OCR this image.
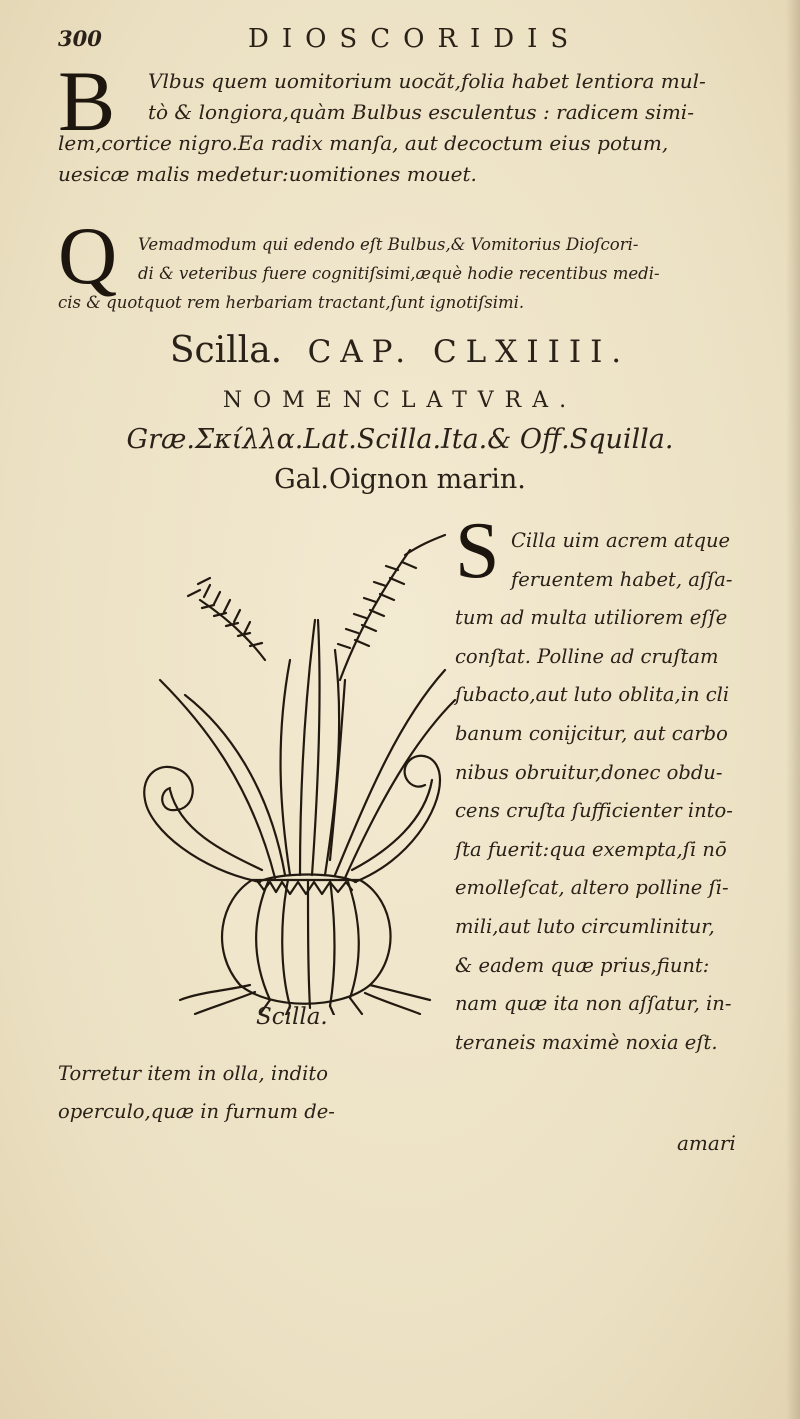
300	DIOSCORIDIS
B	Vlbus quem uomitorium uocăt,folia habet lentiora mul-
tò & longiora,quàm Bulbus esculentus : radicem simi-
lem,cortice nigro.Ea radix manſa, aut decoctum eius potum,
uesicæ malis medetur:uomitiones mouet.
Q	Vemadmodum qui edendo eſt Bulbus,& Vomitorius Dioſcori-
di & veteribus fuere cognitiſsimi,æquè hodie recentibus medi-
cis & quotquot rem herbariam tractant,ſunt ignotiſsimi.
Scilla. CAP. CLXIIII.
NOMENCLATVRA.
Græ.Σκίλλα.Lat.Scilla.Ita.& Off.Squilla.
Gal.Oignon marin.
Scilla.
S Cilla uim acrem atque
feruentem habet, aſſa-
tum ad multa utiliorem eſſe
conſtat. Polline ad cruſtam
ſubacto,aut luto oblita,in cli
banum conijcitur, aut carbo
nibus obruitur,donec obdu-
cens cruſta ſufficienter into-
ſta fuerit:qua exempta,ſi nō
emolleſcat, altero polline ſi-
mili,aut luto circumlinitur,
& eadem quæ prius,fiunt:
nam quæ ita non aſſatur, in-
teraneis maximè noxia eſt.
Torretur item in olla, indito
operculo,quæ in furnum de-
amari
